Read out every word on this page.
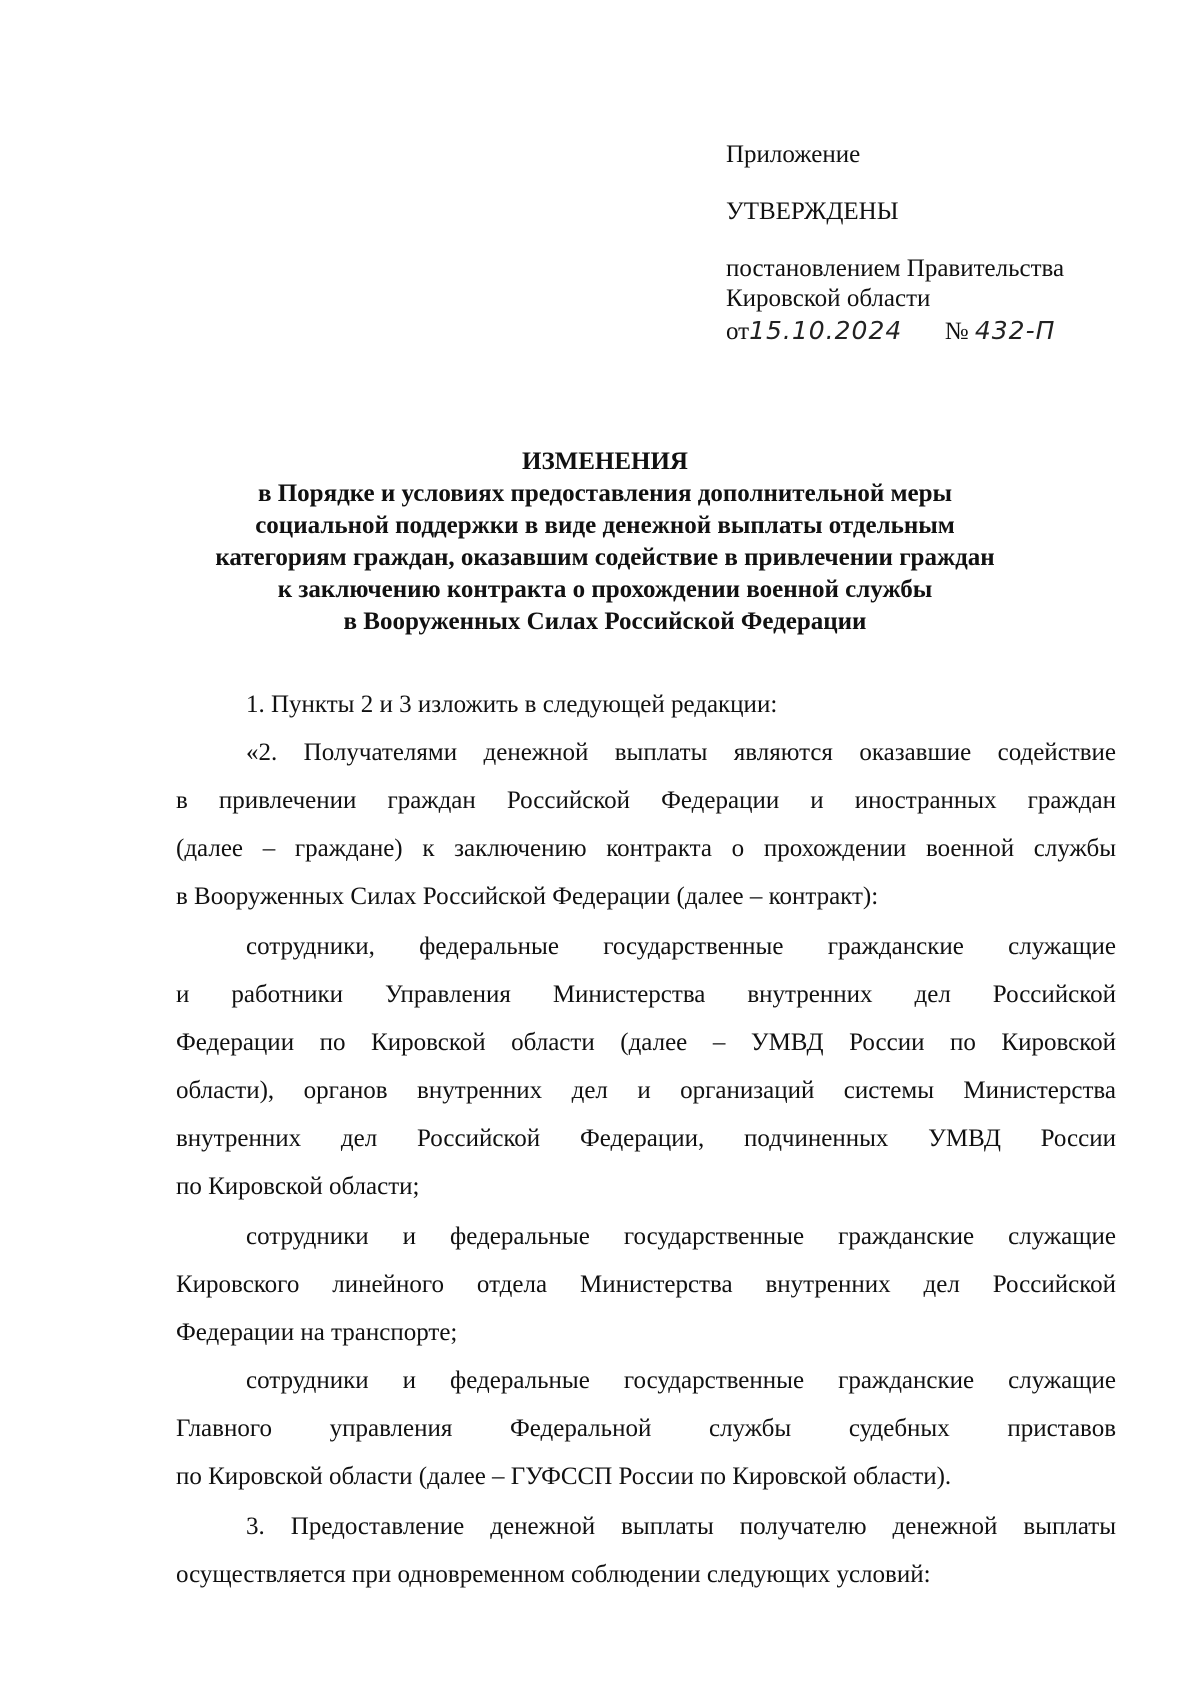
Приложение
УТВЕРЖДЕНЫ
постановлением Правительства
Кировской области
от15.10.2024 № 432-П
ИЗМЕНЕНИЯ
в Порядке и условиях предоставления дополнительной меры
социальной поддержки в виде денежной выплаты отдельным
категориям граждан, оказавшим содействие в привлечении граждан
к заключению контракта о прохождении военной службы
в Вооруженных Силах Российской Федерации
1. Пункты 2 и 3 изложить в следующей редакции:
«2. Получателями денежной выплаты являются оказавшие содействие
в привлечении граждан Российской Федерации и иностранных граждан
(далее – граждане) к заключению контракта о прохождении военной службы
в Вооруженных Силах Российской Федерации (далее – контракт):
сотрудники, федеральные государственные гражданские служащие
и работники Управления Министерства внутренних дел Российской
Федерации по Кировской области (далее – УМВД России по Кировской
области), органов внутренних дел и организаций системы Министерства
внутренних дел Российской Федерации, подчиненных УМВД России
по Кировской области;
сотрудники и федеральные государственные гражданские служащие
Кировского линейного отдела Министерства внутренних дел Российской
Федерации на транспорте;
сотрудники и федеральные государственные гражданские служащие
Главного управления Федеральной службы судебных приставов
по Кировской области (далее – ГУФССП России по Кировской области).
3. Предоставление денежной выплаты получателю денежной выплаты
осуществляется при одновременном соблюдении следующих условий:
